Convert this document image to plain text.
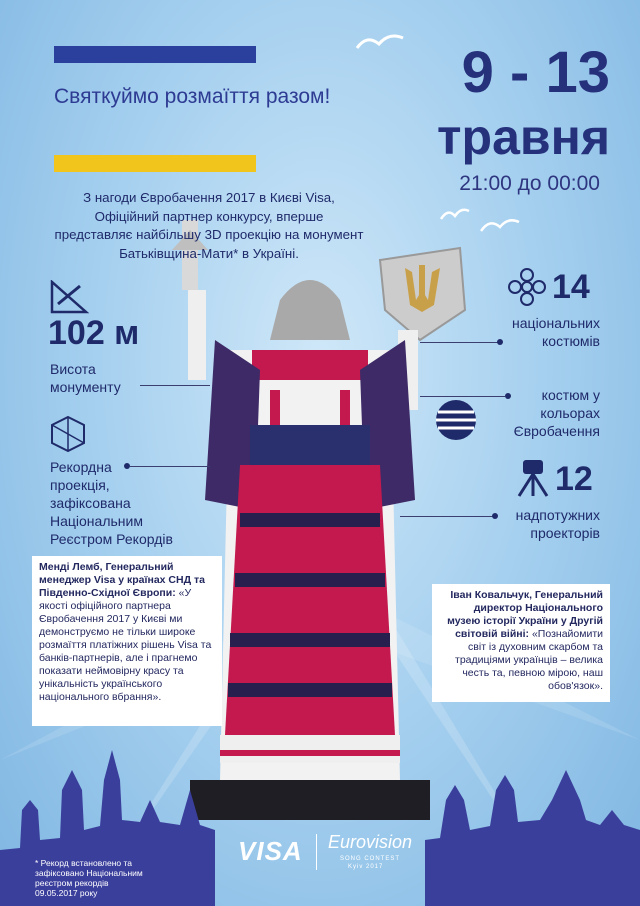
Святкуймо розмаїття разом! 9 - 13
травня
21:00 до 00:00
З нагоди Євробачення 2017 в Києві Visa, Офіційний партнер конкурсу, вперше представляє найбільшу 3D проекцію на монумент Батьківщина-Мати* в Україні.
102 м
Висота монументу
Рекордна проекція, зафіксована Національним Реєстром Рекордів
14
національних костюмів
костюм у кольорах Євробачення
12
надпотужних проекторів
Менді Лемб, Генеральний менеджер Visa у країнах СНД та Південно-Східної Європи: «У якості офіційного партнера Євробачення 2017 у Києві ми демонструємо не тільки широке розмаїття платіжних рішень Visa та банків-партнерів, але і прагнемо показати неймовірну красу та унікальність українського національного вбрання».
Іван Ковальчук, Генеральний директор Національного музею історії України у Другій світовій війні: «Познайомити світ із духовним скарбом та традиціями українців – велика честь та, певною мірою, наш обов'язок».
VISA Eurovision
SONG CONTEST
Kyiv 2017
* Рекорд встановлено та зафіксовано Національним реєстром рекордів 09.05.2017 року
